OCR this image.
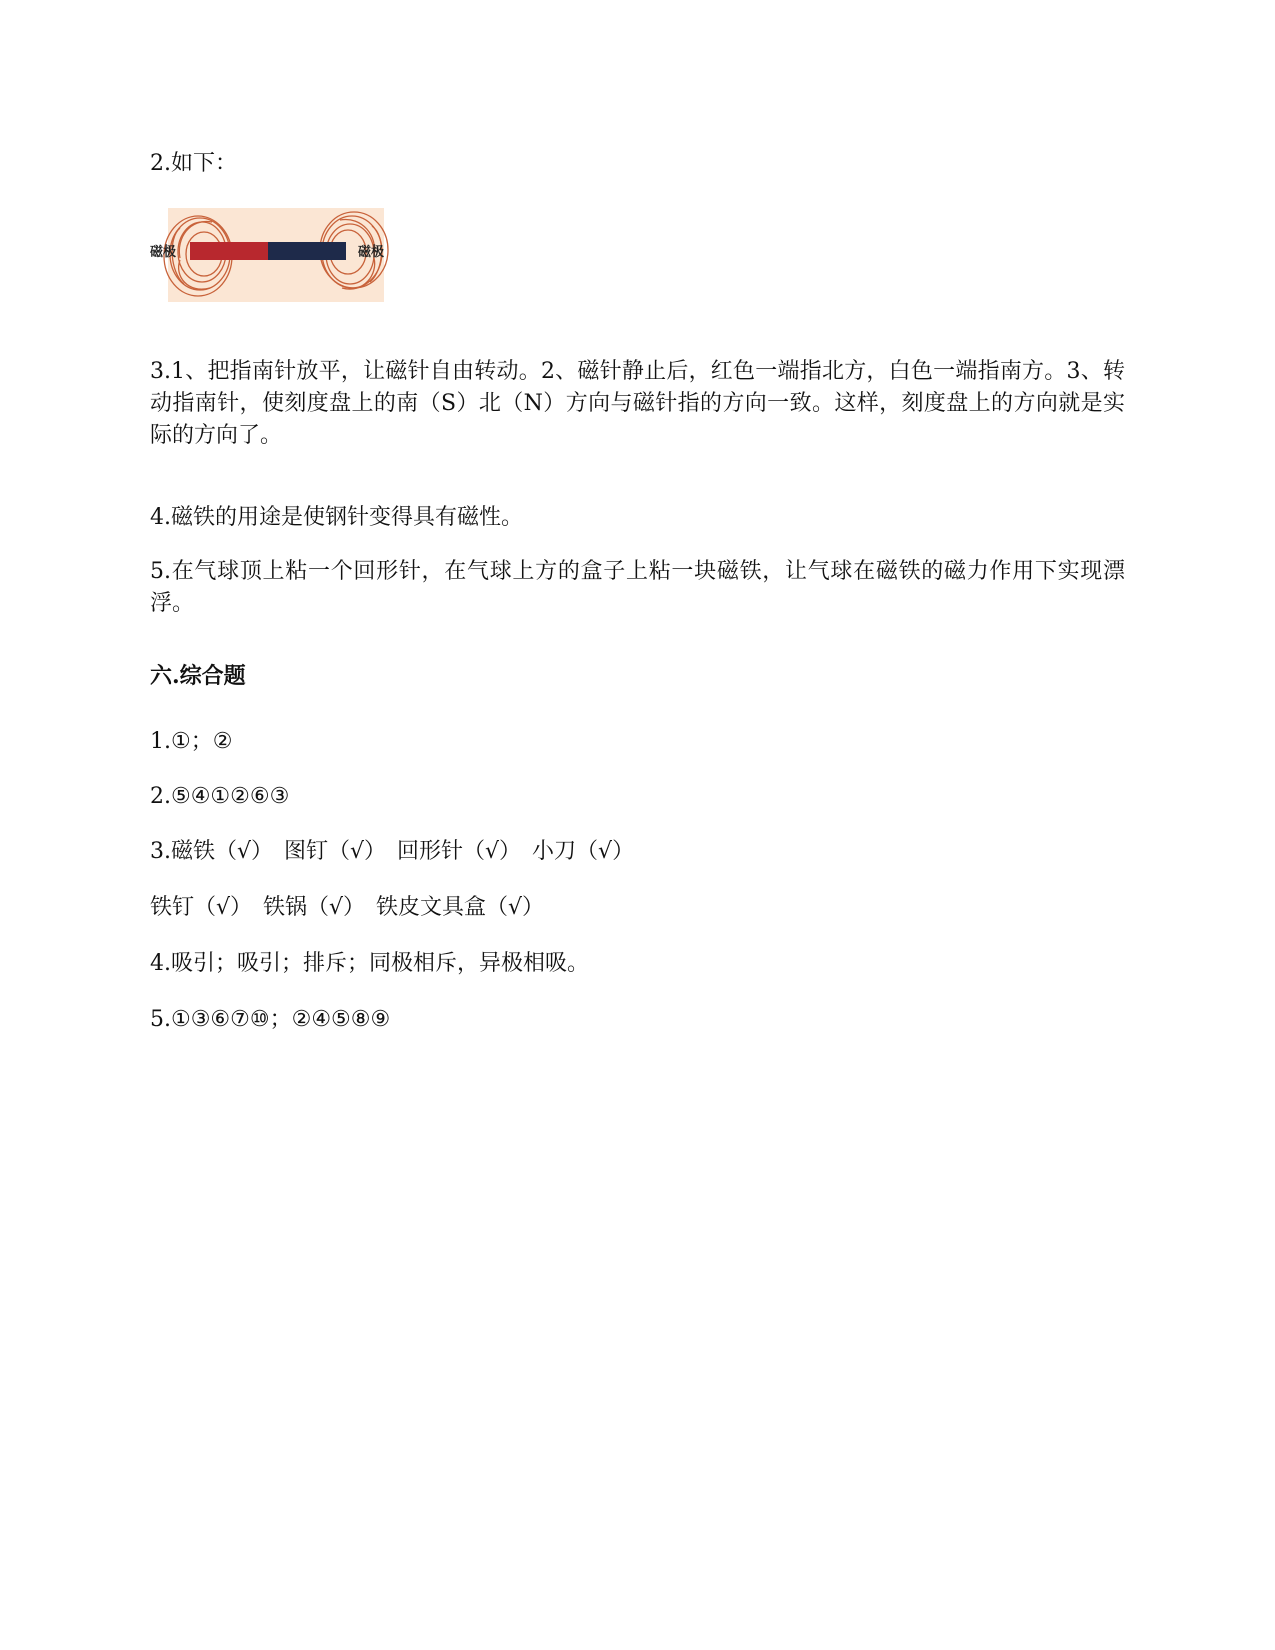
2.如下：
磁极	磁极
3.1、把指南针放平，让磁针自由转动。2、磁针静止后，红色一端指北方，白色一端指南方。3、转动指南针，使刻度盘上的南（S）北（N）方向与磁针指的方向一致。这样，刻度盘上的方向就是实际的方向了。
4.磁铁的用途是使钢针变得具有磁性。
5.在气球顶上粘一个回形针，在气球上方的盒子上粘一块磁铁，让气球在磁铁的磁力作用下实现漂浮。
六.综合题
1.①；②
2.⑤④①②⑥③
3.磁铁（√）　图钉（√）　回形针（√）　小刀（√）
铁钉（√）　铁锅（√）　铁皮文具盒（√）
4.吸引；吸引；排斥；同极相斥，异极相吸。
5.①③⑥⑦⑩；②④⑤⑧⑨
